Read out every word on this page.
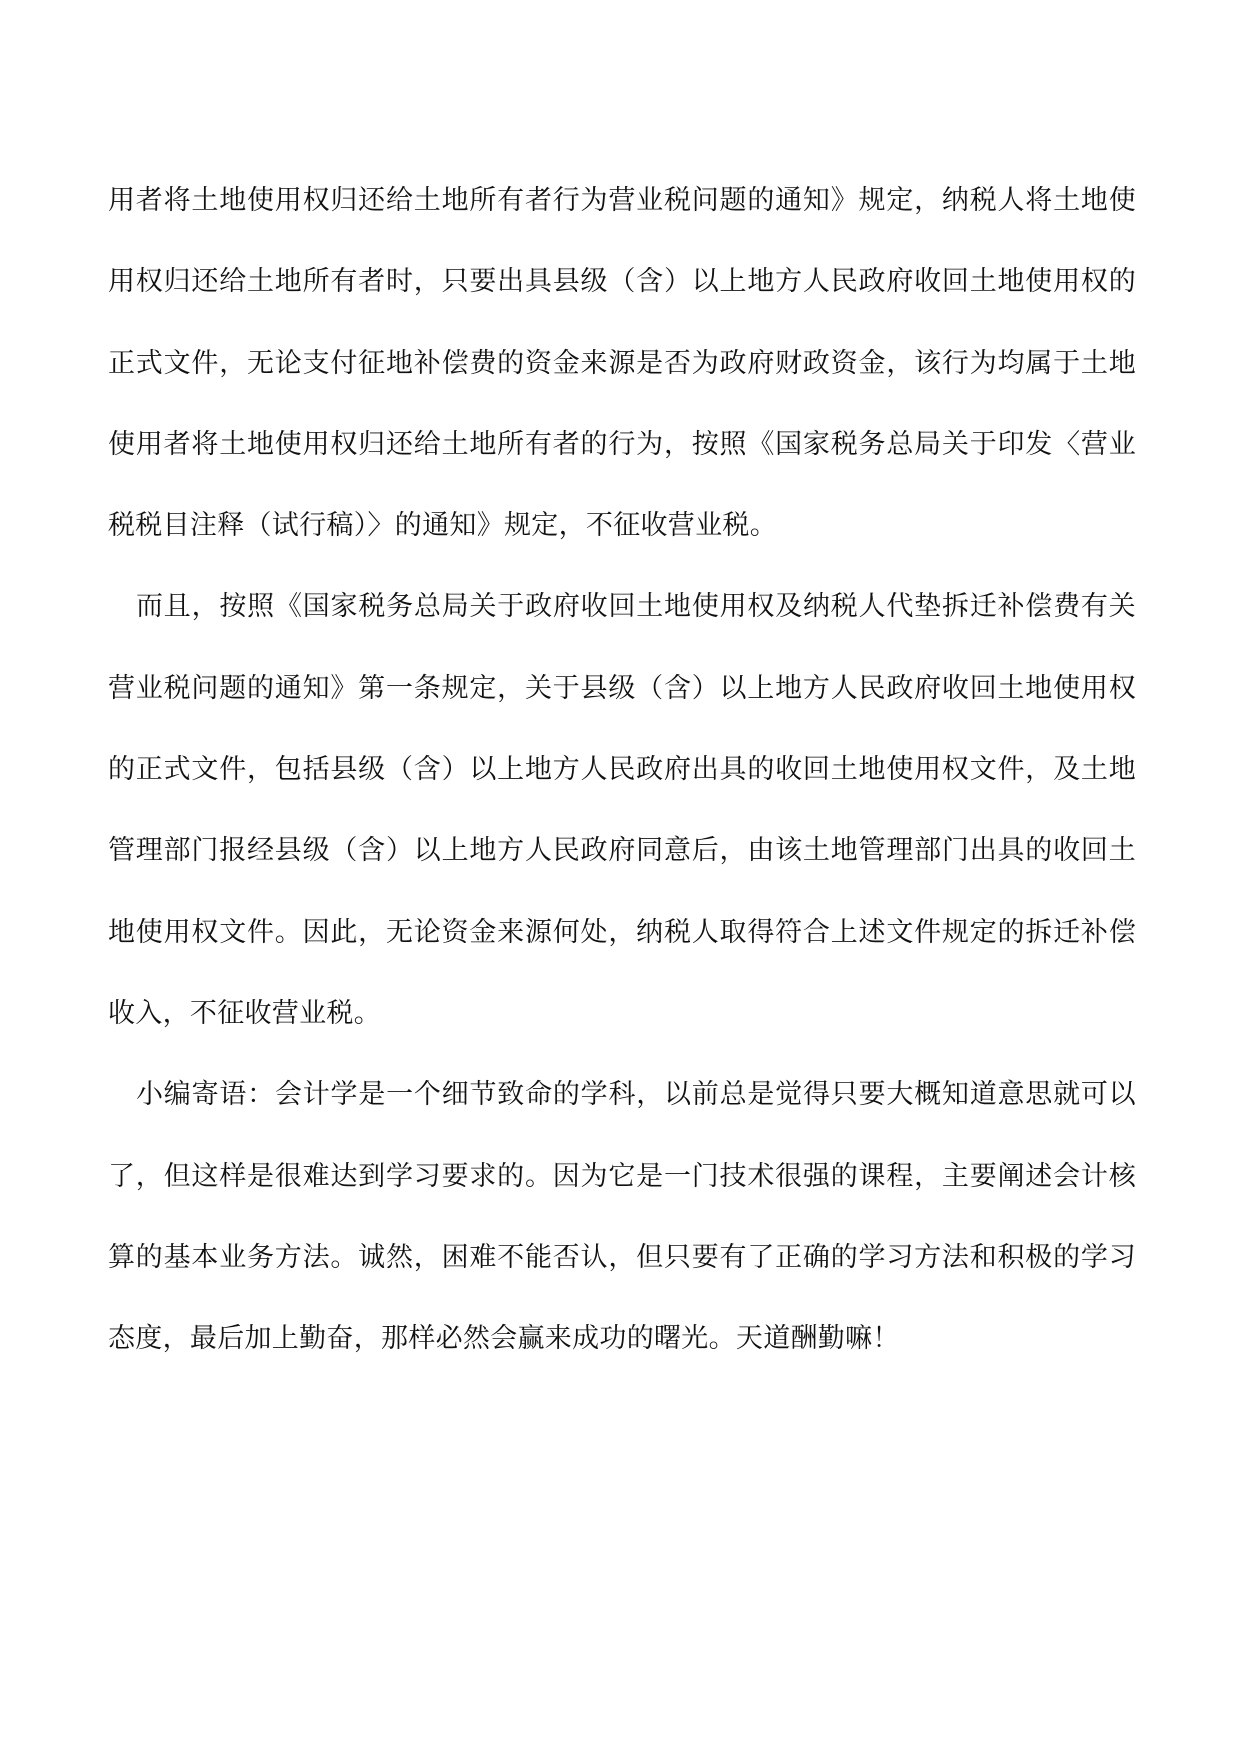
用者将土地使用权归还给土地所有者行为营业税问题的通知》规定，纳税人将土地使用权归还给土地所有者时，只要出具县级（含）以上地方人民政府收回土地使用权的正式文件，无论支付征地补偿费的资金来源是否为政府财政资金，该行为均属于土地使用者将土地使用权归还给土地所有者的行为，按照《国家税务总局关于印发〈营业税税目注释（试行稿）〉的通知》规定，不征收营业税。

而且，按照《国家税务总局关于政府收回土地使用权及纳税人代垫拆迁补偿费有关营业税问题的通知》第一条规定，关于县级（含）以上地方人民政府收回土地使用权的正式文件，包括县级（含）以上地方人民政府出具的收回土地使用权文件，及土地管理部门报经县级（含）以上地方人民政府同意后，由该土地管理部门出具的收回土地使用权文件。因此，无论资金来源何处，纳税人取得符合上述文件规定的拆迁补偿收入，不征收营业税。

小编寄语：会计学是一个细节致命的学科，以前总是觉得只要大概知道意思就可以了，但这样是很难达到学习要求的。因为它是一门技术很强的课程，主要阐述会计核算的基本业务方法。诚然，困难不能否认，但只要有了正确的学习方法和积极的学习态度，最后加上勤奋，那样必然会赢来成功的曙光。天道酬勤嘛！
